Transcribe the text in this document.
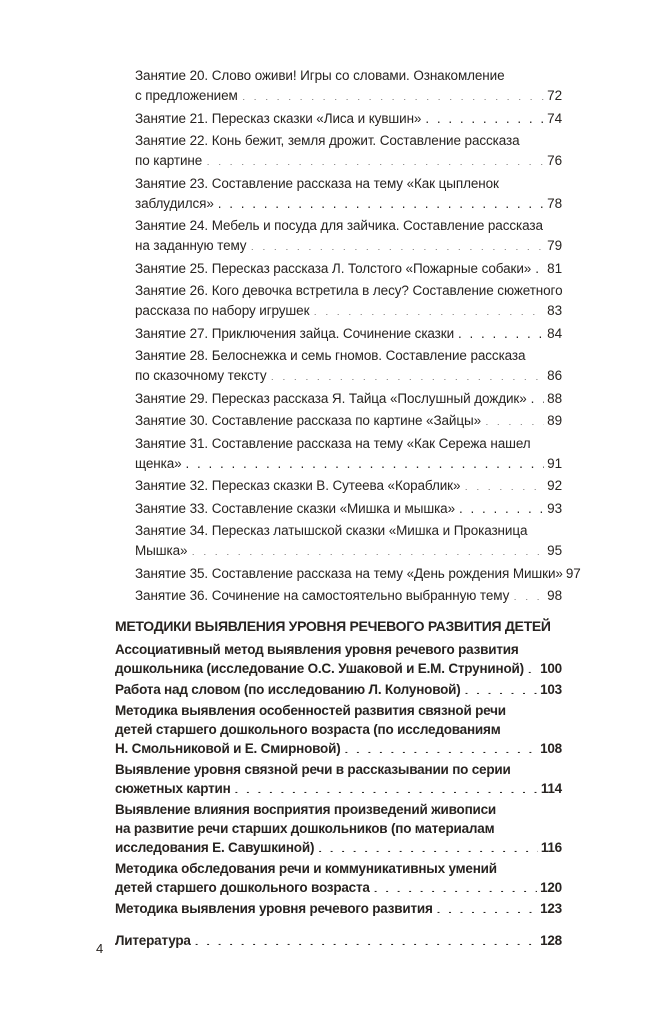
Занятие 20. Слово оживи! Игры со словами. Ознакомление
с предложением . . .	72
Занятие 21. Пересказ сказки «Лиса и кувшин» . . .	74
Занятие 22. Конь бежит, земля дрожит. Составление рассказа
по картине . . .	76
Занятие 23. Составление рассказа на тему «Как цыпленок
заблудился» . . .	78
Занятие 24. Мебель и посуда для зайчика. Составление рассказа
на заданную тему . . .	79
Занятие 25. Пересказ рассказа Л. Толстого «Пожарные собаки» . . . 81
Занятие 26. Кого девочка встретила в лесу? Составление сюжетного
рассказа по набору игрушек . . .	83
Занятие 27. Приключения зайца. Сочинение сказки . . .	84
Занятие 28. Белоснежка и семь гномов. Составление рассказа
по сказочному тексту . . .	86
Занятие 29. Пересказ рассказа Я. Тайца «Послушный дождик» . . . 88
Занятие 30. Составление рассказа по картине «Зайцы» . . .	89
Занятие 31. Составление рассказа на тему «Как Сережа нашел
щенка» . . .	91
Занятие 32. Пересказ сказки В. Сутеева «Кораблик» . . .	92
Занятие 33. Составление сказки «Мишка и мышка» . . .	93
Занятие 34. Пересказ латышской сказки «Мишка и Проказница
Мышка» . . .	95
Занятие 35. Составление рассказа на тему «День рождения Мишки» 97
Занятие 36. Сочинение на самостоятельно выбранную тему . . .	98
МЕТОДИКИ ВЫЯВЛЕНИЯ УРОВНЯ РЕЧЕВОГО РАЗВИТИЯ ДЕТЕЙ
Ассоциативный метод выявления уровня речевого развития
дошкольника (исследование О.С. Ушаковой и Е.М. Струниной) . . . 100
Работа над словом (по исследованию Л. Колуновой) . . .	103
Методика выявления особенностей развития связной речи
детей старшего дошкольного возраста (по исследованиям
Н. Смольниковой и Е. Смирновой) . . .	108
Выявление уровня связной речи в рассказывании по серии
сюжетных картин . . .	114
Выявление влияния восприятия произведений живописи
на развитие речи старших дошкольников (по материалам
исследования Е. Савушкиной) . . .	116
Методика обследования речи и коммуникативных умений
детей старшего дошкольного возраста . . .	120
Методика выявления уровня речевого развития . . .	123
Литература . . .	128
4
